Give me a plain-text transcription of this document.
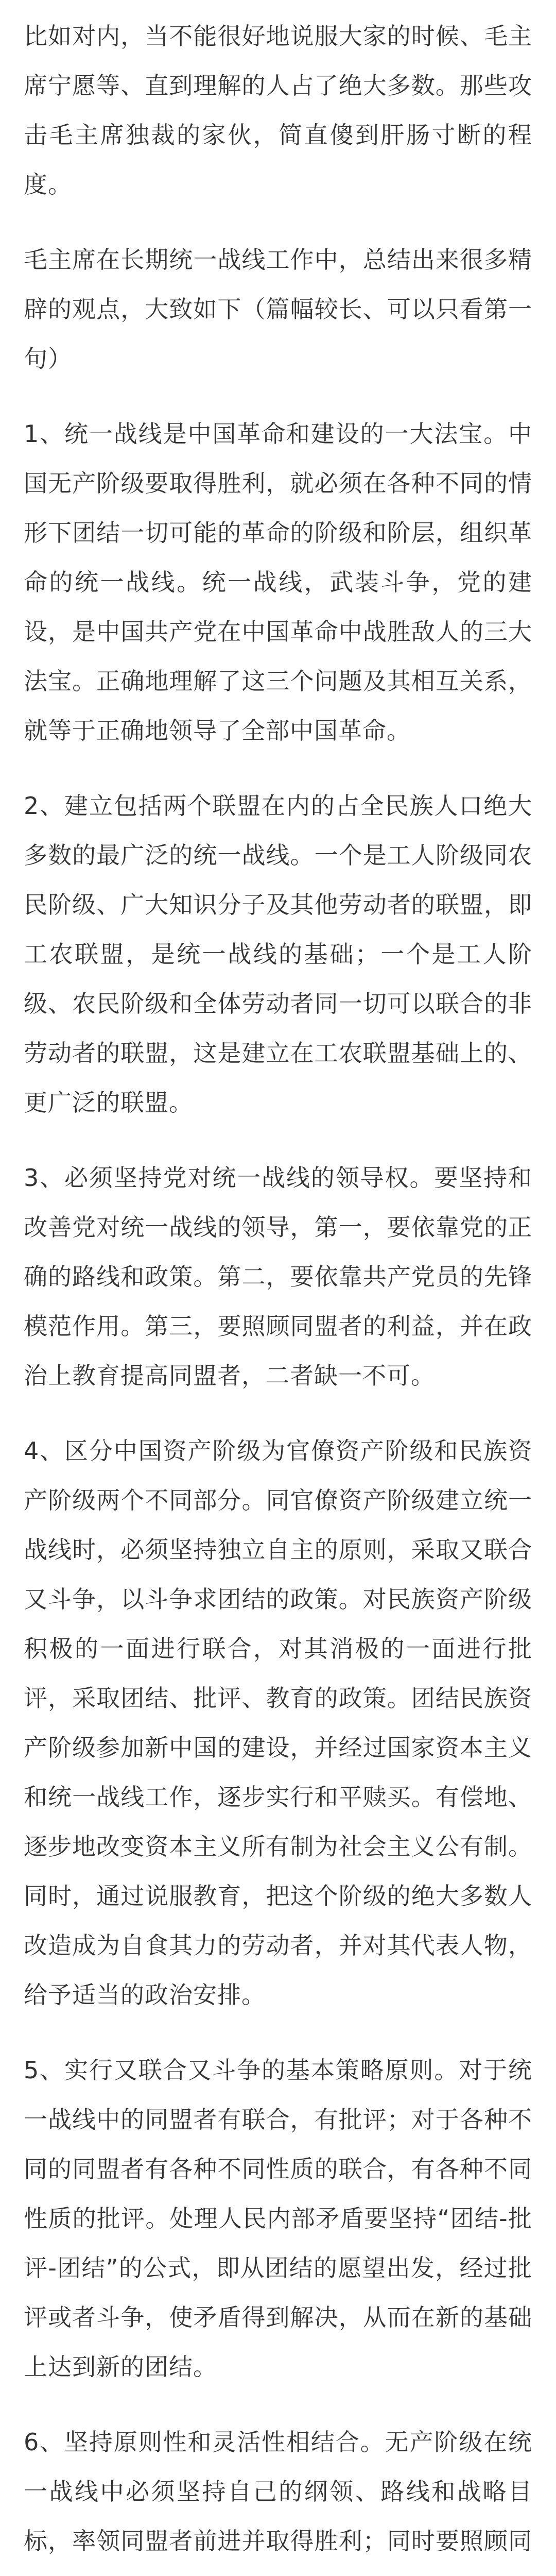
比如对内，当不能很好地说服大家的时候、毛主席宁愿等、直到理解的人占了绝大多数。那些攻击毛主席独裁的家伙，简直傻到肝肠寸断的程度。

毛主席在长期统一战线工作中，总结出来很多精辟的观点，大致如下（篇幅较长、可以只看第一句）

1、统一战线是中国革命和建设的一大法宝。中国无产阶级要取得胜利，就必须在各种不同的情形下团结一切可能的革命的阶级和阶层，组织革命的统一战线。统一战线，武装斗争，党的建设，是中国共产党在中国革命中战胜敌人的三大法宝。正确地理解了这三个问题及其相互关系，就等于正确地领导了全部中国革命。

2、建立包括两个联盟在内的占全民族人口绝大多数的最广泛的统一战线。一个是工人阶级同农民阶级、广大知识分子及其他劳动者的联盟，即工农联盟，是统一战线的基础；一个是工人阶级、农民阶级和全体劳动者同一切可以联合的非劳动者的联盟，这是建立在工农联盟基础上的、更广泛的联盟。

3、必须坚持党对统一战线的领导权。要坚持和改善党对统一战线的领导，第一，要依靠党的正确的路线和政策。第二，要依靠共产党员的先锋模范作用。第三，要照顾同盟者的利益，并在政治上教育提高同盟者，二者缺一不可。

4、区分中国资产阶级为官僚资产阶级和民族资产阶级两个不同部分。同官僚资产阶级建立统一战线时，必须坚持独立自主的原则，采取又联合又斗争，以斗争求团结的政策。对民族资产阶级积极的一面进行联合，对其消极的一面进行批评，采取团结、批评、教育的政策。团结民族资产阶级参加新中国的建设，并经过国家资本主义和统一战线工作，逐步实行和平赎买。有偿地、逐步地改变资本主义所有制为社会主义公有制。同时，通过说服教育，把这个阶级的绝大多数人改造成为自食其力的劳动者，并对其代表人物，给予适当的政治安排。

5、实行又联合又斗争的基本策略原则。对于统一战线中的同盟者有联合，有批评；对于各种不同的同盟者有各种不同性质的联合，有各种不同性质的批评。处理人民内部矛盾要坚持“团结-批评-团结”的公式，即从团结的愿望出发，经过批评或者斗争，使矛盾得到解决，从而在新的基础上达到新的团结。

6、坚持原则性和灵活性相结合。无产阶级在统一战线中必须坚持自己的纲领、路线和战略目标，率领同盟者前进并取得胜利；同时要照顾同
